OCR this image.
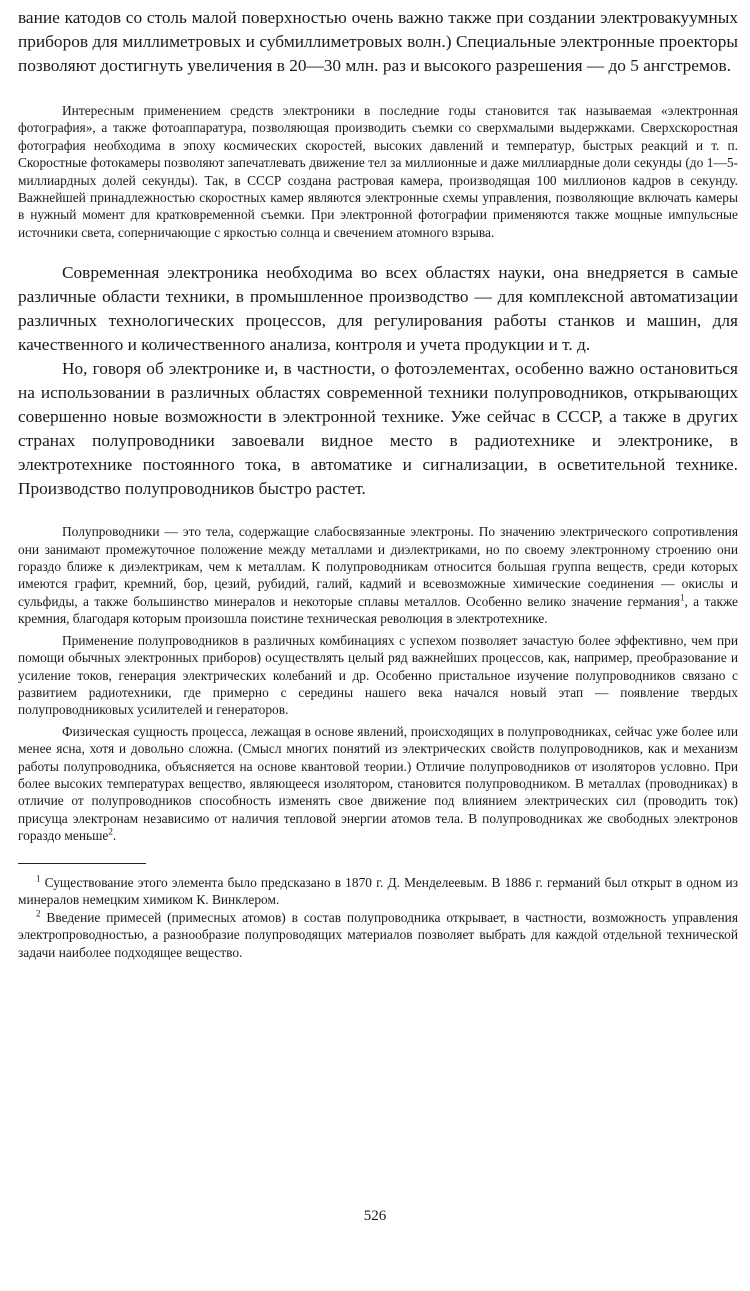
вание катодов со столь малой поверхностью очень важно также при создании электровакуумных приборов для миллиметровых и субмиллиметровых волн.) Специальные электронные проекторы позволяют достигнуть увеличения в 20—30 млн. раз и высокого разрешения — до 5 ангстремов.

Интересным применением средств электроники в последние годы становится так называемая «электронная фотография», а также фотоаппаратура, позволяющая производить съемки со сверхмалыми выдержками. Сверхскоростная фотография необходима в эпоху космических скоростей, высоких давлений и температур, быстрых реакций и т. п. Скоростные фотокамеры позволяют запечатлевать движение тел за миллионные и даже миллиардные доли секунды (до 1—5-миллиардных долей секунды). Так, в СССР создана растровая камера, производящая 100 миллионов кадров в секунду. Важнейшей принадлежностью скоростных камер являются электронные схемы управления, позволяющие включать камеры в нужный момент для кратковременной съемки. При электронной фотографии применяются также мощные импульсные источники света, соперничающие с яркостью солнца и свечением атомного взрыва.

Современная электроника необходима во всех областях науки, она внедряется в самые различные области техники, в промышленное производство — для комплексной автоматизации различных технологических процессов, для регулирования работы станков и машин, для качественного и количественного анализа, контроля и учета продукции и т. д.

Но, говоря об электронике и, в частности, о фотоэлементах, особенно важно остановиться на использовании в различных областях современной техники полупроводников, открывающих совершенно новые возможности в электронной технике. Уже сейчас в СССР, а также в других странах полупроводники завоевали видное место в радиотехнике и электронике, в электротехнике постоянного тока, в автоматике и сигнализации, в осветительной технике. Производство полупроводников быстро растет.

Полупроводники — это тела, содержащие слабосвязанные электроны. По значению электрического сопротивления они занимают промежуточное положение между металлами и диэлектриками, но по своему электронному строению они гораздо ближе к диэлектрикам, чем к металлам. К полупроводникам относится большая группа веществ, среди которых имеются графит, кремний, бор, цезий, рубидий, галий, кадмий и всевозможные химические соединения — окислы и сульфиды, а также большинство минералов и некоторые сплавы металлов. Особенно велико значение германия$^1$, а также кремния, благодаря которым произошла поистине техническая революция в электротехнике.

Применение полупроводников в различных комбинациях с успехом позволяет зачастую более эффективно, чем при помощи обычных электронных приборов) осуществлять целый ряд важнейших процессов, как, например, преобразование и усиление токов, генерация электрических колебаний и др. Особенно пристальное изучение полупроводников связано с развитием радиотехники, где примерно с середины нашего века начался новый этап — появление твердых полупроводниковых усилителей и генераторов.

Физическая сущность процесса, лежащая в основе явлений, происходящих в полупроводниках, сейчас уже более или менее ясна, хотя и довольно сложна. (Смысл многих понятий из электрических свойств полупроводников, как и механизм работы полупроводника, объясняется на основе квантовой теории.) Отличие полупроводников от изоляторов условно. При более высоких температурах вещество, являющееся изолятором, становится полупроводником. В металлах (проводниках) в отличие от полупроводников способность изменять свое движение под влиянием электрических сил (проводить ток) присуща электронам независимо от наличия тепловой энергии атомов тела. В полупроводниках же свободных электронов гораздо меньше$^2$.

$^1$ Существование этого элемента было предсказано в 1870 г. Д. Менделеевым. В 1886 г. германий был открыт в одном из минералов немецким химиком К. Винклером.

$^2$ Введение примесей (примесных атомов) в состав полупроводника открывает, в частности, возможность управления электропроводностью, а разнообразие полупроводящих материалов позволяет выбрать для каждой отдельной технической задачи наиболее подходящее вещество.

526
